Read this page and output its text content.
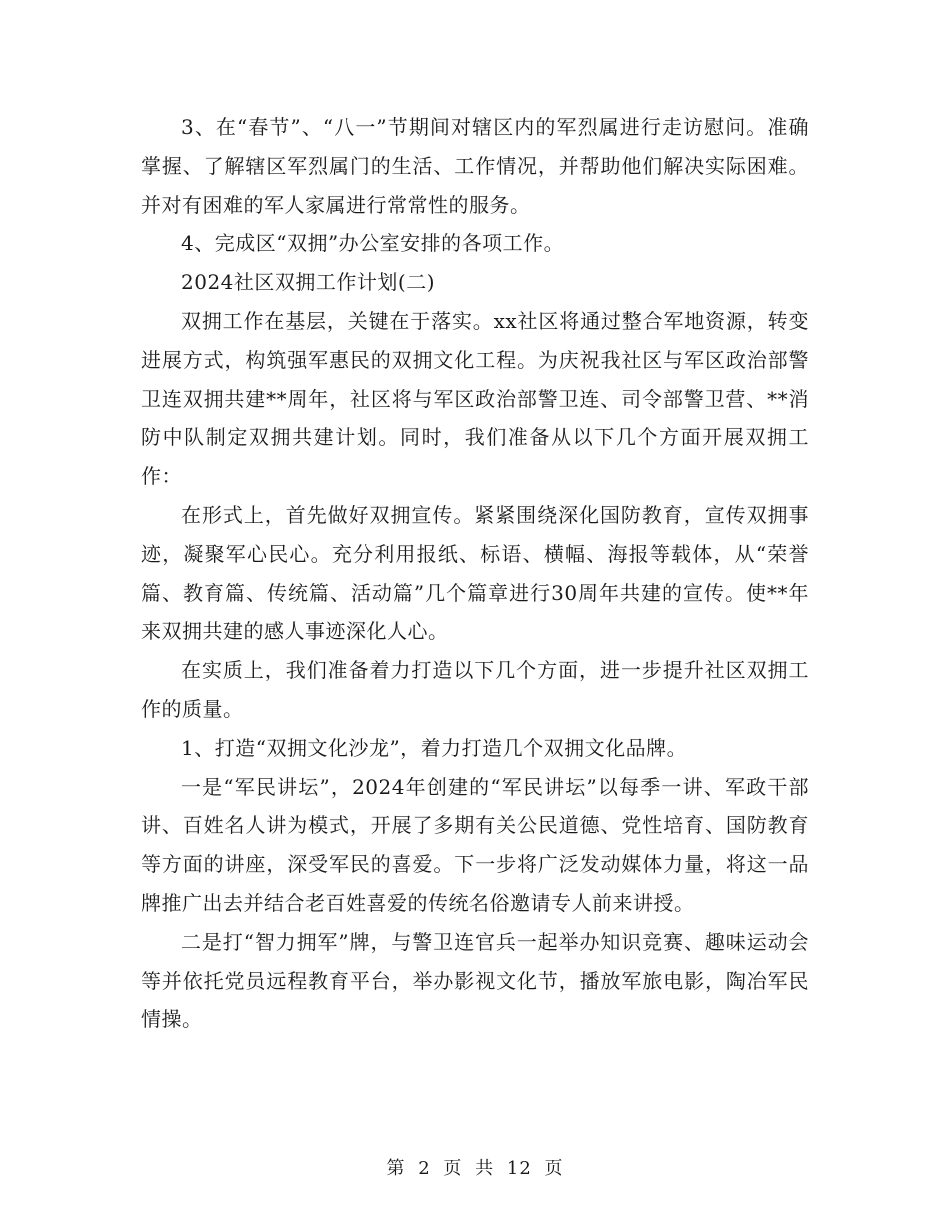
3、在“春节”、“八一”节期间对辖区内的军烈属进行走访慰问。准确掌握、了解辖区军烈属门的生活、工作情况，并帮助他们解决实际困难。并对有困难的军人家属进行常常性的服务。

4、完成区“双拥”办公室安排的各项工作。

2024社区双拥工作计划(二)

双拥工作在基层，关键在于落实。xx社区将通过整合军地资源，转变进展方式，构筑强军惠民的双拥文化工程。为庆祝我社区与军区政治部警卫连双拥共建**周年，社区将与军区政治部警卫连、司令部警卫营、**消防中队制定双拥共建计划。同时，我们准备从以下几个方面开展双拥工作：

在形式上，首先做好双拥宣传。紧紧围绕深化国防教育，宣传双拥事迹，凝聚军心民心。充分利用报纸、标语、横幅、海报等载体，从“荣誉篇、教育篇、传统篇、活动篇”几个篇章进行30周年共建的宣传。使**年来双拥共建的感人事迹深化人心。

在实质上，我们准备着力打造以下几个方面，进一步提升社区双拥工作的质量。

1、打造“双拥文化沙龙”，着力打造几个双拥文化品牌。

一是“军民讲坛”，2024年创建的“军民讲坛”以每季一讲、军政干部讲、百姓名人讲为模式，开展了多期有关公民道德、党性培育、国防教育等方面的讲座，深受军民的喜爱。下一步将广泛发动媒体力量，将这一品牌推广出去并结合老百姓喜爱的传统名俗邀请专人前来讲授。

二是打“智力拥军”牌，与警卫连官兵一起举办知识竞赛、趣味运动会等并依托党员远程教育平台，举办影视文化节，播放军旅电影，陶冶军民情操。

第 2 页 共 12 页
